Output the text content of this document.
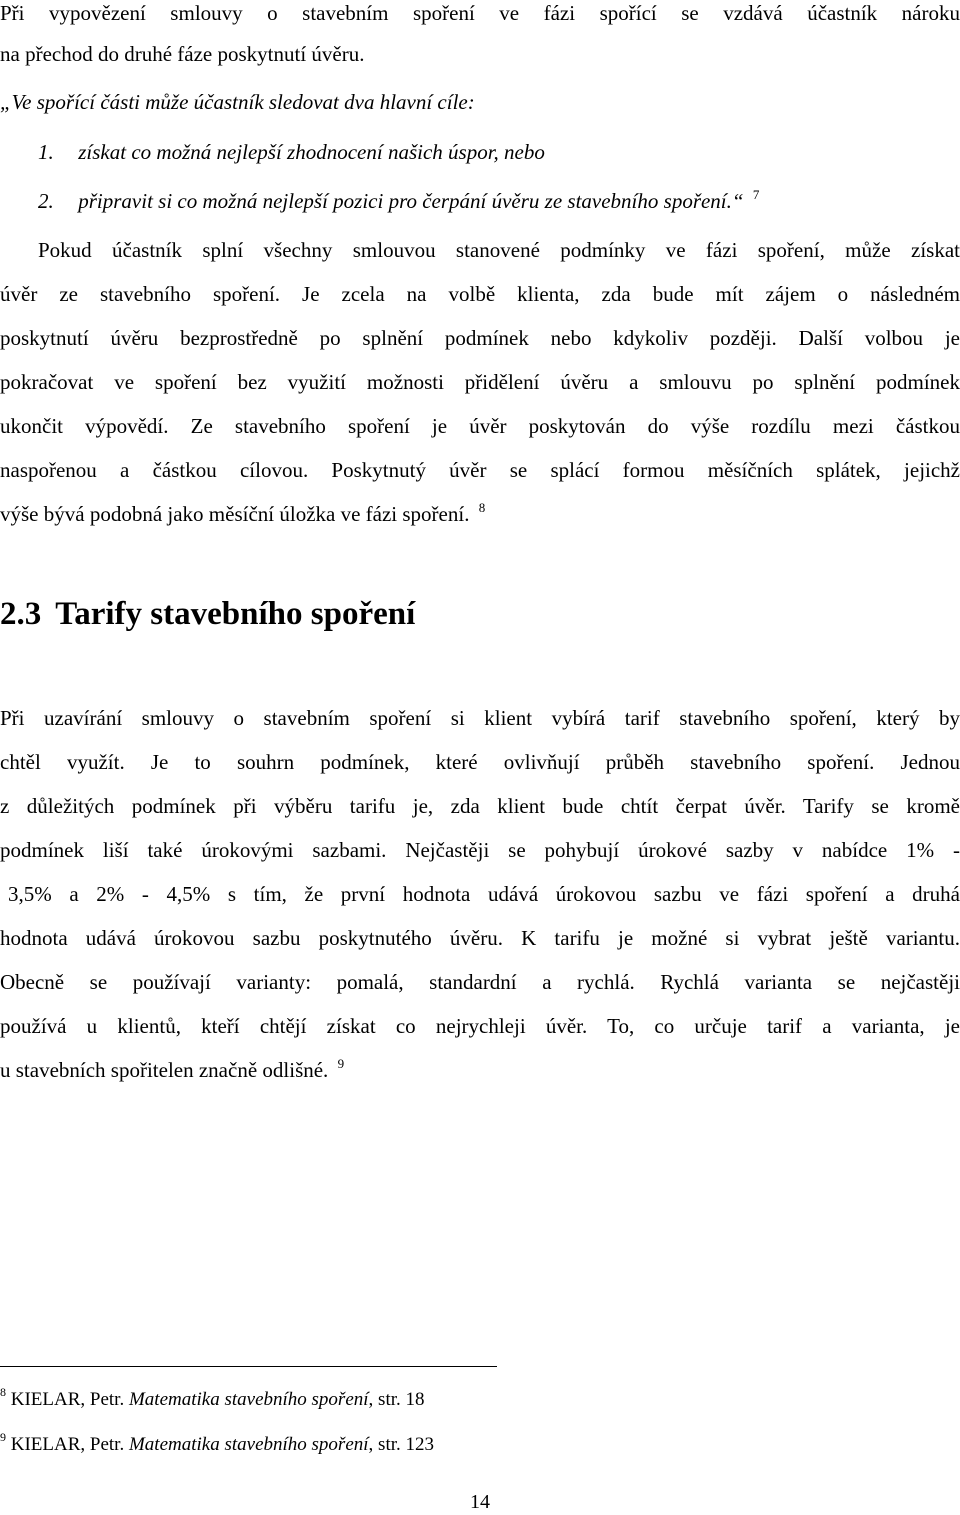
Při vypovězení smlouvy o stavebním spoření ve fázi spořící se vzdává účastník nároku
na přechod do druhé fáze poskytnutí úvěru.
„Ve spořící části může účastník sledovat dva hlavní cíle:
1. získat co možná nejlepší zhodnocení našich úspor, nebo
2. připravit si co možná nejlepší pozici pro čerpání úvěru ze stavebního spoření.“ $^7$
Pokud účastník splní všechny smlouvou stanovené podmínky ve fázi spoření, může získat
úvěr ze stavebního spoření. Je zcela na volbě klienta, zda bude mít zájem o následném
poskytnutí úvěru bezprostředně po splnění podmínek nebo kdykoliv později. Další volbou je
pokračovat ve spoření bez využití možnosti přidělení úvěru a smlouvu po splnění podmínek
ukončit výpovědí. Ze stavebního spoření je úvěr poskytován do výše rozdílu mezi částkou
naspořenou a částkou cílovou. Poskytnutý úvěr se splácí formou měsíčních splátek, jejichž
výše bývá podobná jako měsíční úložka ve fázi spoření. $^8$
2.3 Tarify stavebního spoření
Při uzavírání smlouvy o stavebním spoření si klient vybírá tarif stavebního spoření, který by
chtěl využít. Je to souhrn podmínek, které ovlivňují průběh stavebního spoření. Jednou
z důležitých podmínek při výběru tarifu je, zda klient bude chtít čerpat úvěr. Tarify se kromě
podmínek liší také úrokovými sazbami. Nejčastěji se pohybují úrokové sazby v nabídce 1% -
3,5% a 2% - 4,5% s tím, že první hodnota udává úrokovou sazbu ve fázi spoření a druhá
hodnota udává úrokovou sazbu poskytnutého úvěru. K tarifu je možné si vybrat ještě variantu.
Obecně se používají varianty: pomalá, standardní a rychlá. Rychlá varianta se nejčastěji
používá u klientů, kteří chtějí získat co nejrychleji úvěr. To, co určuje tarif a varianta, je
u stavebních spořitelen značně odlišné. $^9$
$^8$ KIELAR, Petr. Matematika stavebního spoření, str. 18
$^9$ KIELAR, Petr. Matematika stavebního spoření, str. 123
14
